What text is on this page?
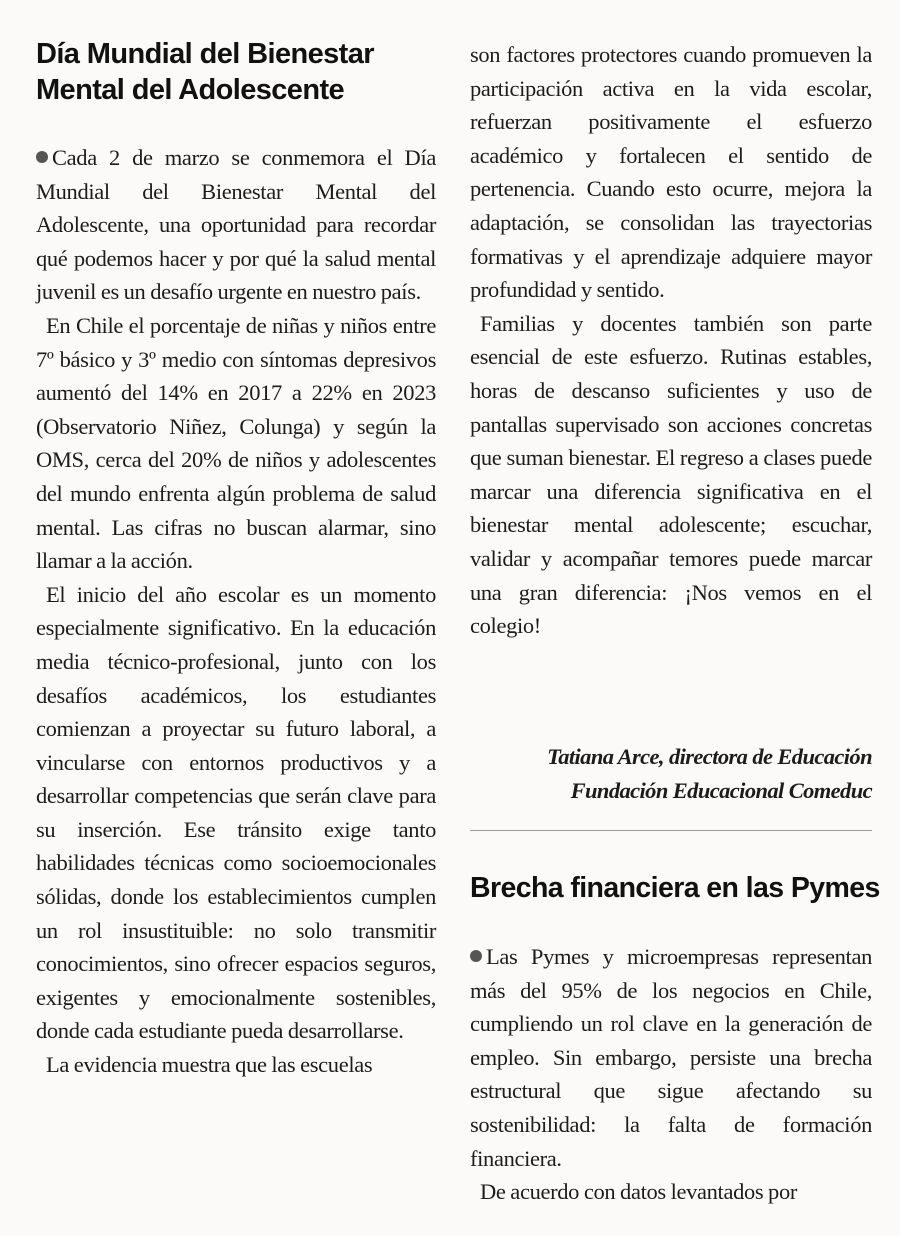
Día Mundial del Bienestar
Mental del Adolescente

Cada 2 de marzo se conmemora el Día Mundial del Bienestar Mental del Adolescente, una oportunidad para recordar qué podemos hacer y por qué la salud mental juvenil es un desafío urgente en nuestro país.

En Chile el porcentaje de niñas y niños entre 7º básico y 3º medio con síntomas depresivos aumentó del 14% en 2017 a 22% en 2023 (Observatorio Niñez, Colunga) y según la OMS, cerca del 20% de niños y adolescentes del mundo enfrenta algún problema de salud mental. Las cifras no buscan alarmar, sino llamar a la acción.

El inicio del año escolar es un momento especialmente significativo. En la educación media técnico-profesional, junto con los desafíos académicos, los estudiantes comienzan a proyectar su futuro laboral, a vincularse con entornos productivos y a desarrollar competencias que serán clave para su inserción. Ese tránsito exige tanto habilidades técnicas como socioemocionales sólidas, donde los establecimientos cumplen un rol insustituible: no solo transmitir conocimientos, sino ofrecer espacios seguros, exigentes y emocionalmente sostenibles, donde cada estudiante pueda desarrollarse.

La evidencia muestra que las escuelas

son factores protectores cuando promueven la participación activa en la vida escolar, refuerzan positivamente el esfuerzo académico y fortalecen el sentido de pertenencia. Cuando esto ocurre, mejora la adaptación, se consolidan las trayectorias formativas y el aprendizaje adquiere mayor profundidad y sentido.

Familias y docentes también son parte esencial de este esfuerzo. Rutinas estables, horas de descanso suficientes y uso de pantallas supervisado son acciones concretas que suman bienestar. El regreso a clases puede marcar una diferencia significativa en el bienestar mental adolescente; escuchar, validar y acompañar temores puede marcar una gran diferencia: ¡Nos vemos en el colegio!

Tatiana Arce, directora de Educación
Fundación Educacional Comeduc
Brecha financiera en las Pymes

Las Pymes y microempresas representan más del 95% de los negocios en Chile, cumpliendo un rol clave en la generación de empleo. Sin embargo, persiste una brecha estructural que sigue afectando su sostenibilidad: la falta de formación financiera.

De acuerdo con datos levantados por
